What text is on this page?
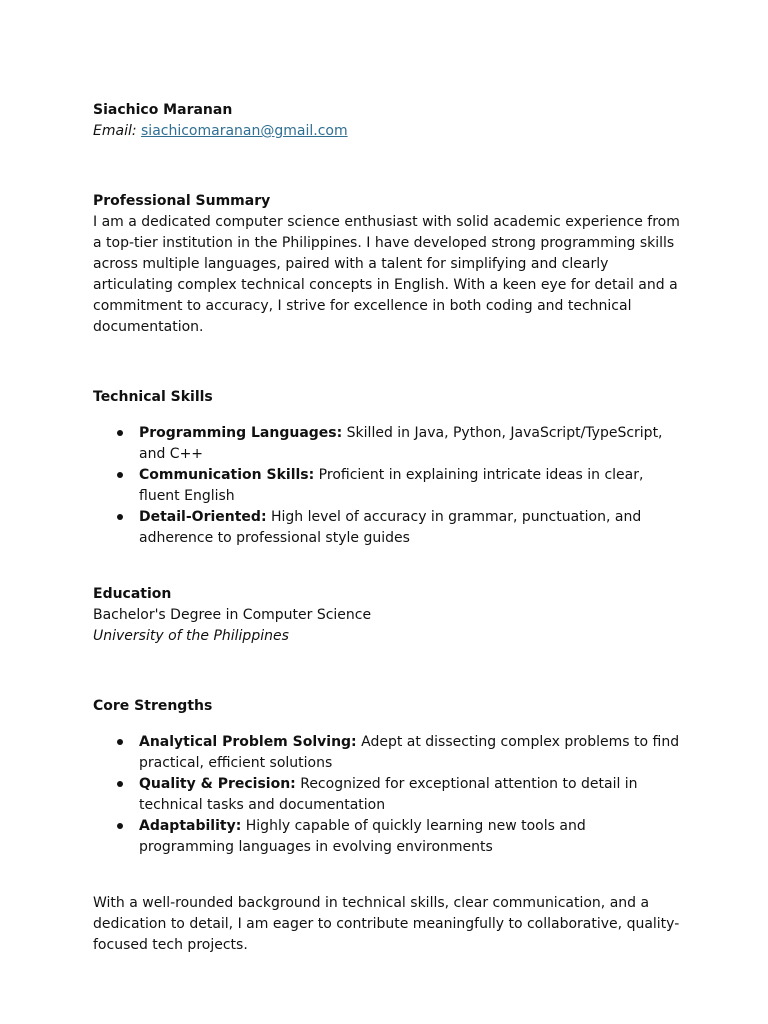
Siachico Maranan

Email: siachicomaranan@gmail.com

Professional Summary

I am a dedicated computer science enthusiast with solid academic experience from a top-tier institution in the Philippines. I have developed strong programming skills across multiple languages, paired with a talent for simplifying and clearly articulating complex technical concepts in English. With a keen eye for detail and a commitment to accuracy, I strive for excellence in both coding and technical documentation.

Technical Skills

Programming Languages: Skilled in Java, Python, JavaScript/TypeScript, and C++
Communication Skills: Proficient in explaining intricate ideas in clear, fluent English
Detail-Oriented: High level of accuracy in grammar, punctuation, and adherence to professional style guides

Education

Bachelor's Degree in Computer Science

University of the Philippines

Core Strengths

Analytical Problem Solving: Adept at dissecting complex problems to find practical, efficient solutions
Quality & Precision: Recognized for exceptional attention to detail in technical tasks and documentation
Adaptability: Highly capable of quickly learning new tools and programming languages in evolving environments

With a well-rounded background in technical skills, clear communication, and a dedication to detail, I am eager to contribute meaningfully to collaborative, quality-focused tech projects.
